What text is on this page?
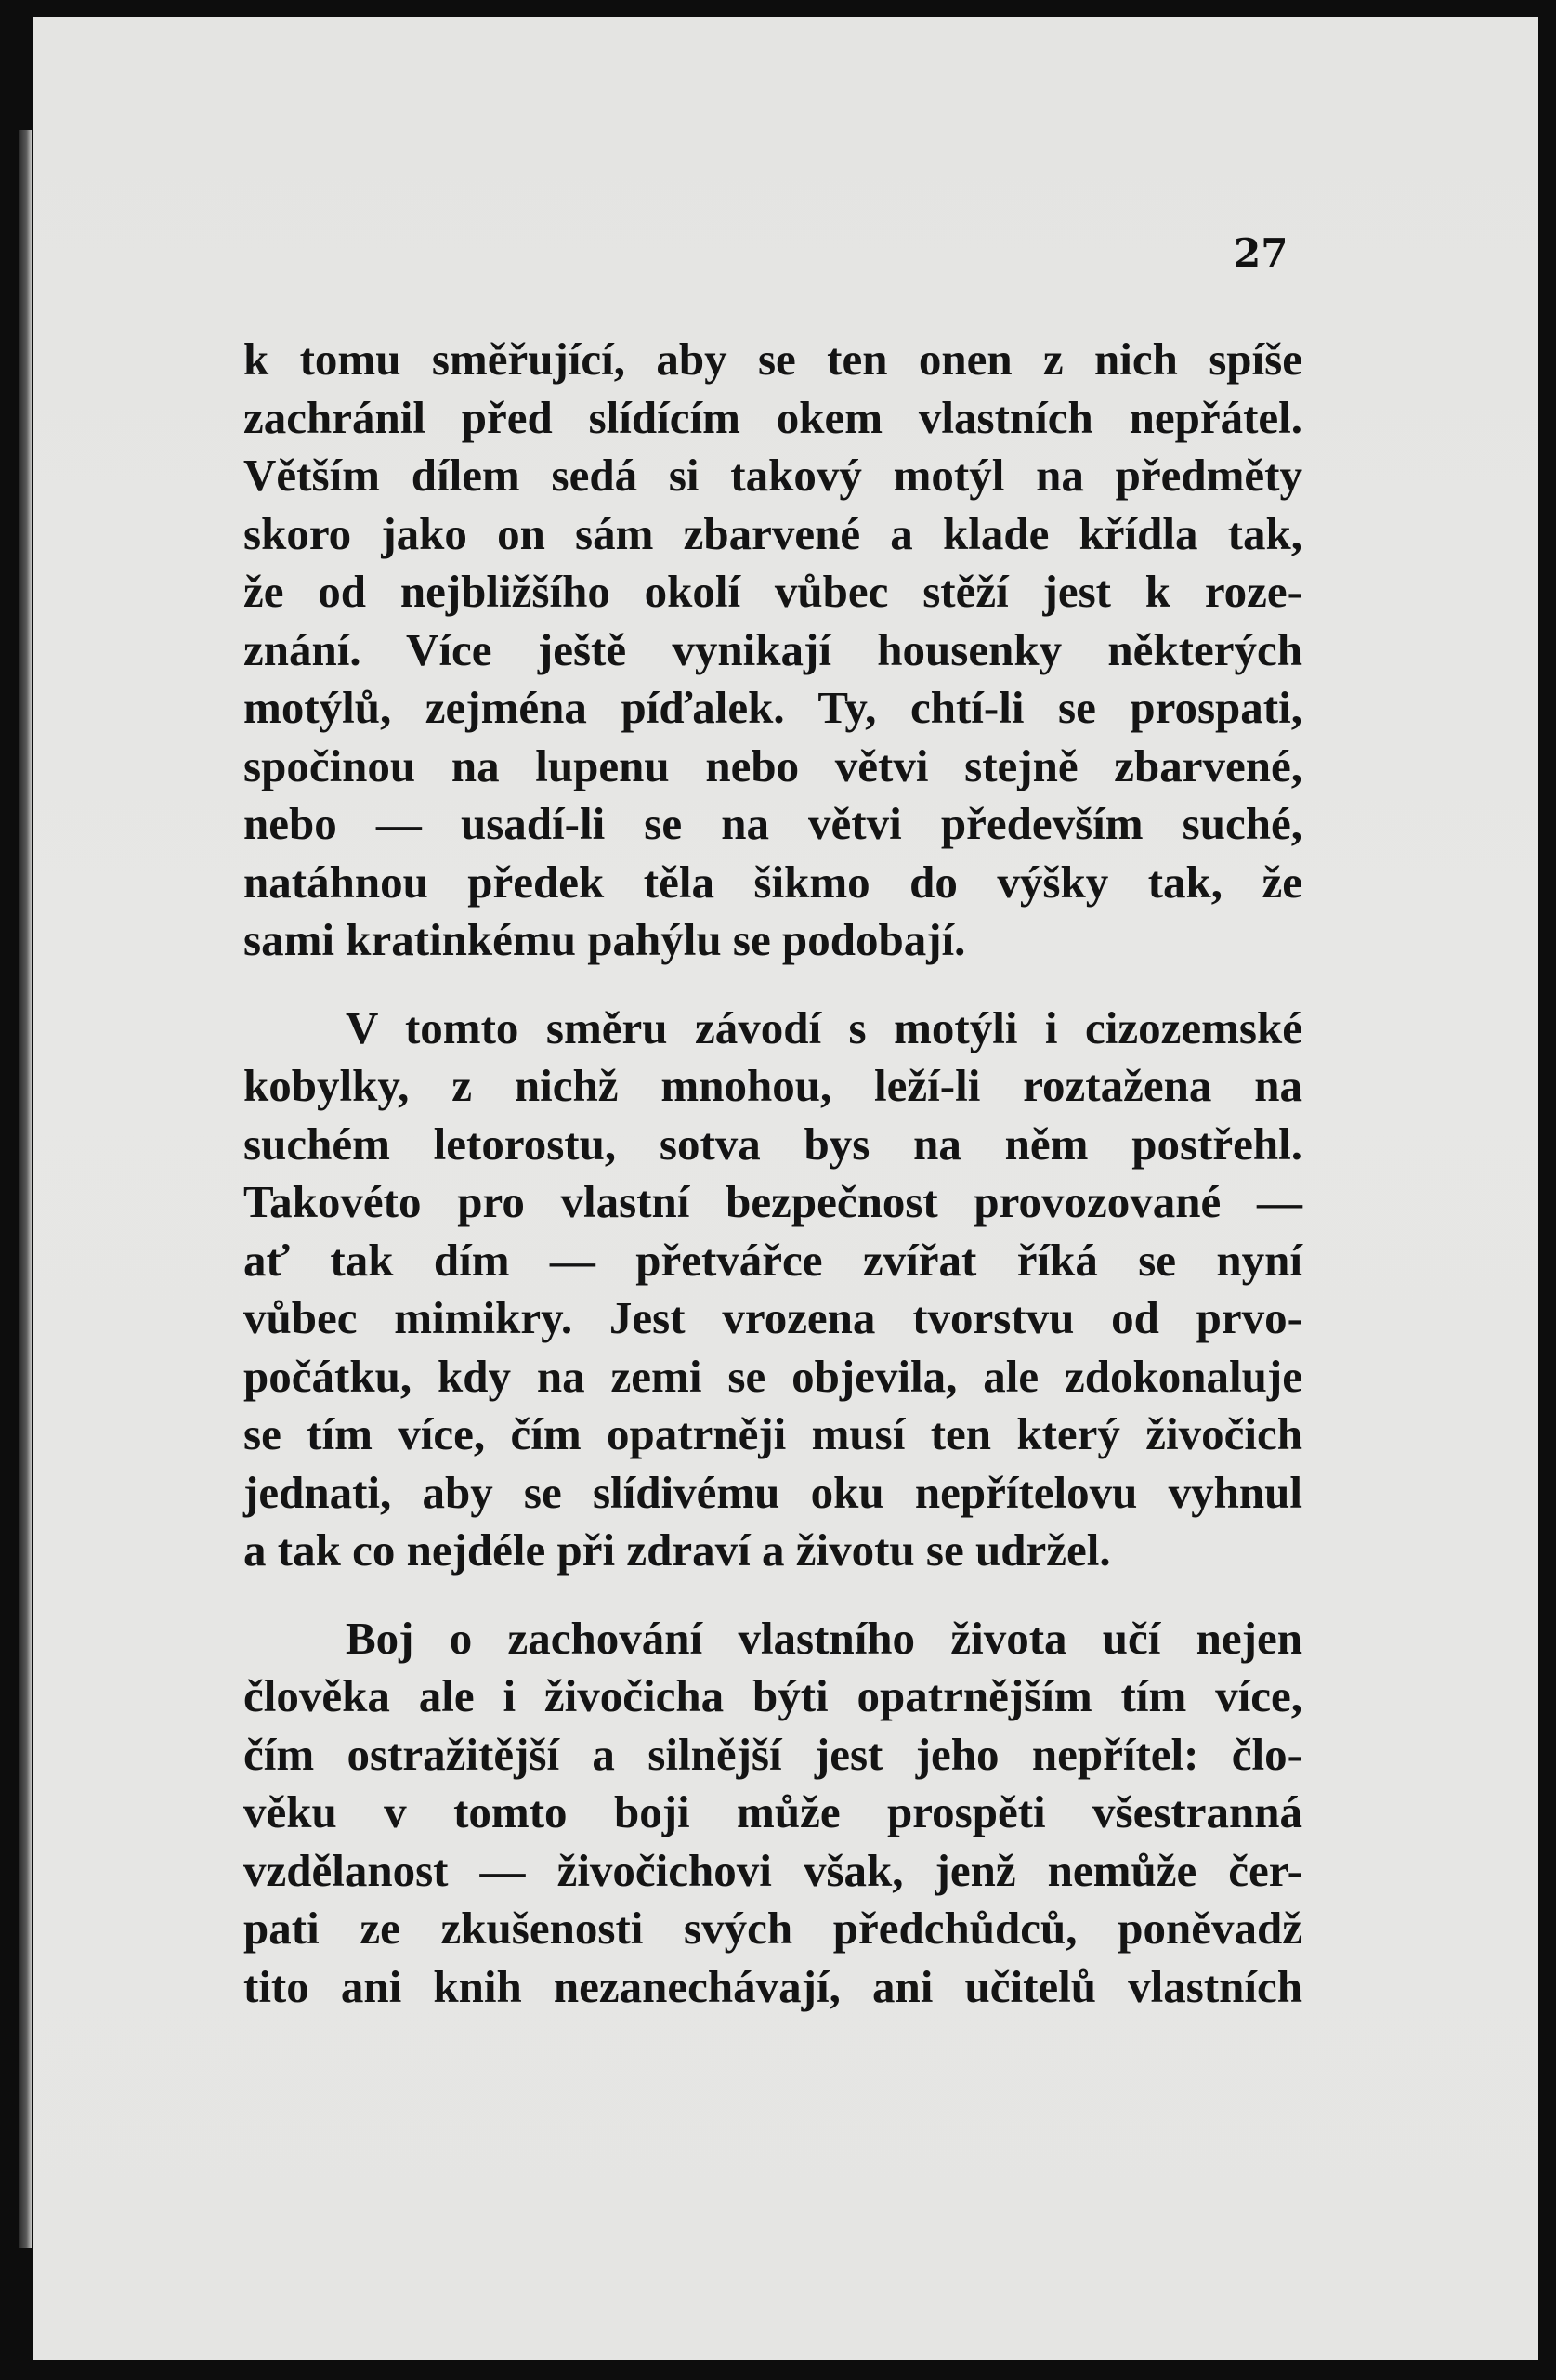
27

k tomu směřující, aby se ten onen z nich spíše
zachránil před slídícím okem vlastních nepřátel.
Větším dílem sedá si takový motýl na předměty
skoro jako on sám zbarvené a klade křídla tak,
že od nejbližšího okolí vůbec stěží jest k roze-
znání. Více ještě vynikají housenky některých
motýlů, zejména píďalek. Ty, chtí-li se prospati,
spočinou na lupenu nebo větvi stejně zbarvené,
nebo — usadí-li se na větvi především suché,
natáhnou předek těla šikmo do výšky tak, že
sami kratinkému pahýlu se podobají.
V tomto směru závodí s motýli i cizozemské
kobylky, z nichž mnohou, leží-li roztažena na
suchém letorostu, sotva bys na něm postřehl.
Takovéto pro vlastní bezpečnost provozované —
ať tak dím — přetvářce zvířat říká se nyní
vůbec mimikry. Jest vrozena tvorstvu od prvo-
počátku, kdy na zemi se objevila, ale zdokonaluje
se tím více, čím opatrněji musí ten který živočich
jednati, aby se slídivému oku nepřítelovu vyhnul
a tak co nejdéle při zdraví a životu se udržel.
Boj o zachování vlastního života učí nejen
člověka ale i živočicha býti opatrnějším tím více,
čím ostražitější a silnější jest jeho nepřítel: člo-
věku v tomto boji může prospěti všestranná
vzdělanost — živočichovi však, jenž nemůže čer-
pati ze zkušenosti svých předchůdců, poněvadž
tito ani knih nezanechávají, ani učitelů vlastních
